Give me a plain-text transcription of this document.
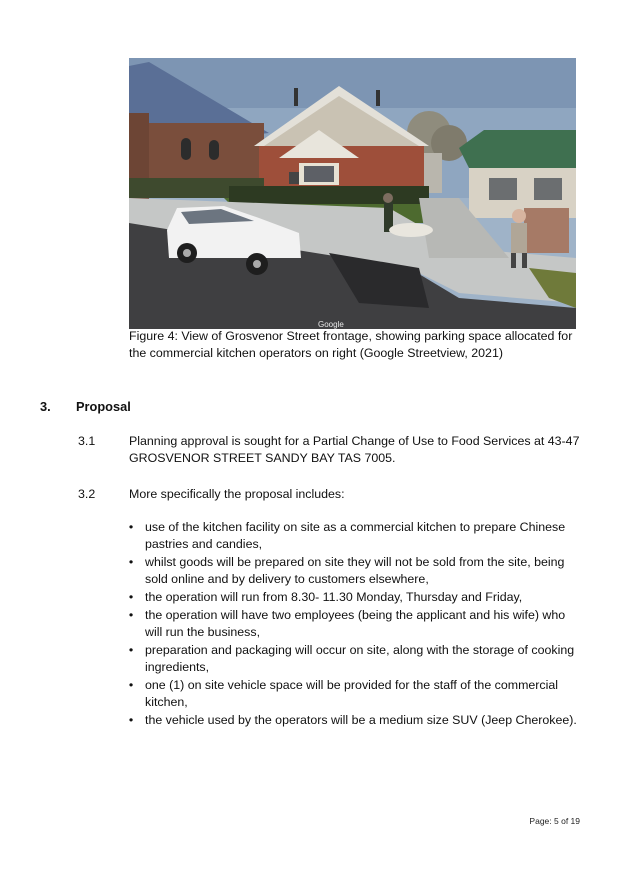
Google

Figure 4: View of Grosvenor Street frontage, showing parking space allocated for the commercial kitchen operators on right (Google Streetview, 2021)

3. Proposal
3.1	Planning approval is sought for a Partial Change of Use to Food Services at 43-47 GROSVENOR STREET SANDY BAY TAS 7005.

3.2	More specifically the proposal includes:

• use of the kitchen facility on site as a commercial kitchen to prepare Chinese pastries and candies,
• whilst goods will be prepared on site they will not be sold from the site, being sold online and by delivery to customers elsewhere,
• the operation will run from 8.30- 11.30 Monday, Thursday and Friday,
• the operation will have two employees (being the applicant and his wife) who will run the business,
• preparation and packaging will occur on site, along with the storage of cooking ingredients,
• one (1) on site vehicle space will be provided for the staff of the commercial kitchen,
• the vehicle used by the operators will be a medium size SUV (Jeep Cherokee).
Page: 5 of 19
